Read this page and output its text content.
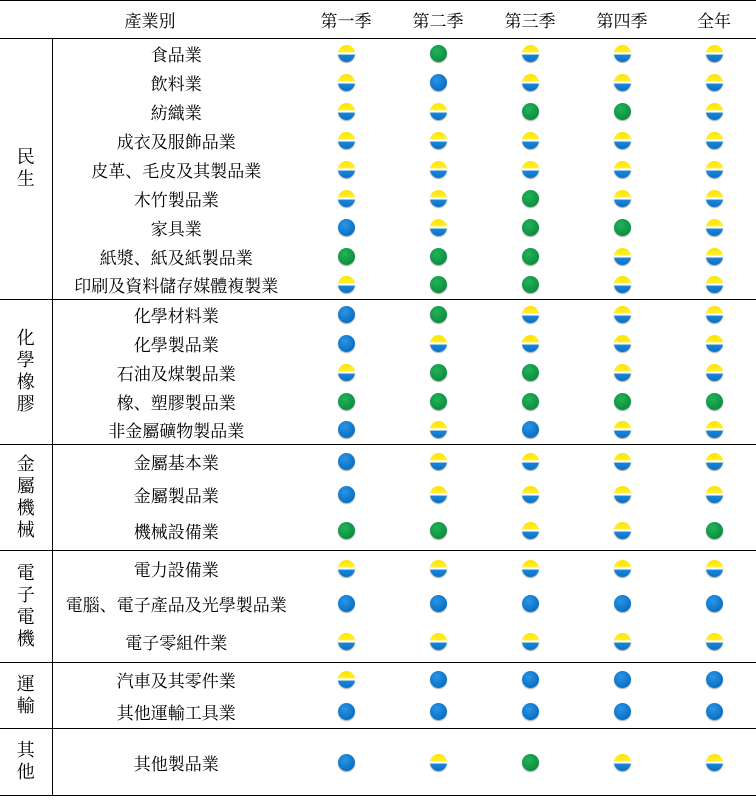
產業別		第一季	第二季	第三季	第四季	全年

民生	食品業					
	飲料業					
	紡織業					
	成衣及服飾品業					
	皮革、毛皮及其製品業					
	木竹製品業					
	家具業					
	紙漿、紙及紙製品業					
	印刷及資料儲存媒體複製業					

化學橡膠	化學材料業					
	化學製品業					
	石油及煤製品業					
	橡、塑膠製品業					
	非金屬礦物製品業					

金屬機械	金屬基本業					
	金屬製品業					
	機械設備業					

電子電機	電力設備業					
	電腦、電子產品及光學製品業					
	電子零組件業					

運輸	汽車及其零件業					
	其他運輸工具業					

其他	其他製品業					
